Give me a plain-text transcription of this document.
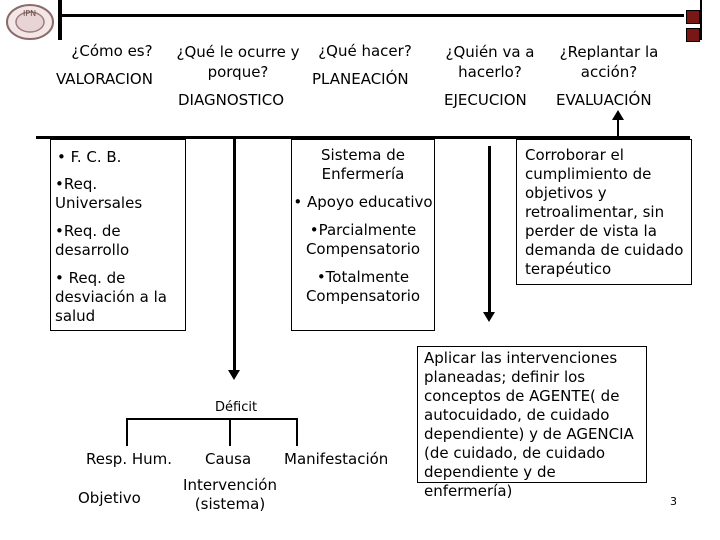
IPN
¿Cómo es?	¿Qué le ocurre y porque?
¿Qué hacer?	¿Quién va a hacerlo?
¿Replantar la acción?
VALORACION
DIAGNOSTICO
PLANEACIÓN
EJECUCION EVALUACIÓN
• F. C. B.
•Req. Universales
•Req. de desarrollo
• Req. de desviación a la salud
Sistema de Enfermería
• Apoyo educativo
•Parcialmente Compensatorio
•Totalmente Compensatorio
Corroborar el cumplimiento de objetivos y retroalimentar, sin perder de vista la demanda de cuidado terapéutico
Déficit
Resp. Hum. Causa Manifestación
Objetivo
Intervención (sistema)
Aplicar las intervenciones planeadas; definir los conceptos de AGENTE( de autocuidado, de cuidado dependiente) y de AGENCIA (de cuidado, de cuidado dependiente y de enfermería)
3
